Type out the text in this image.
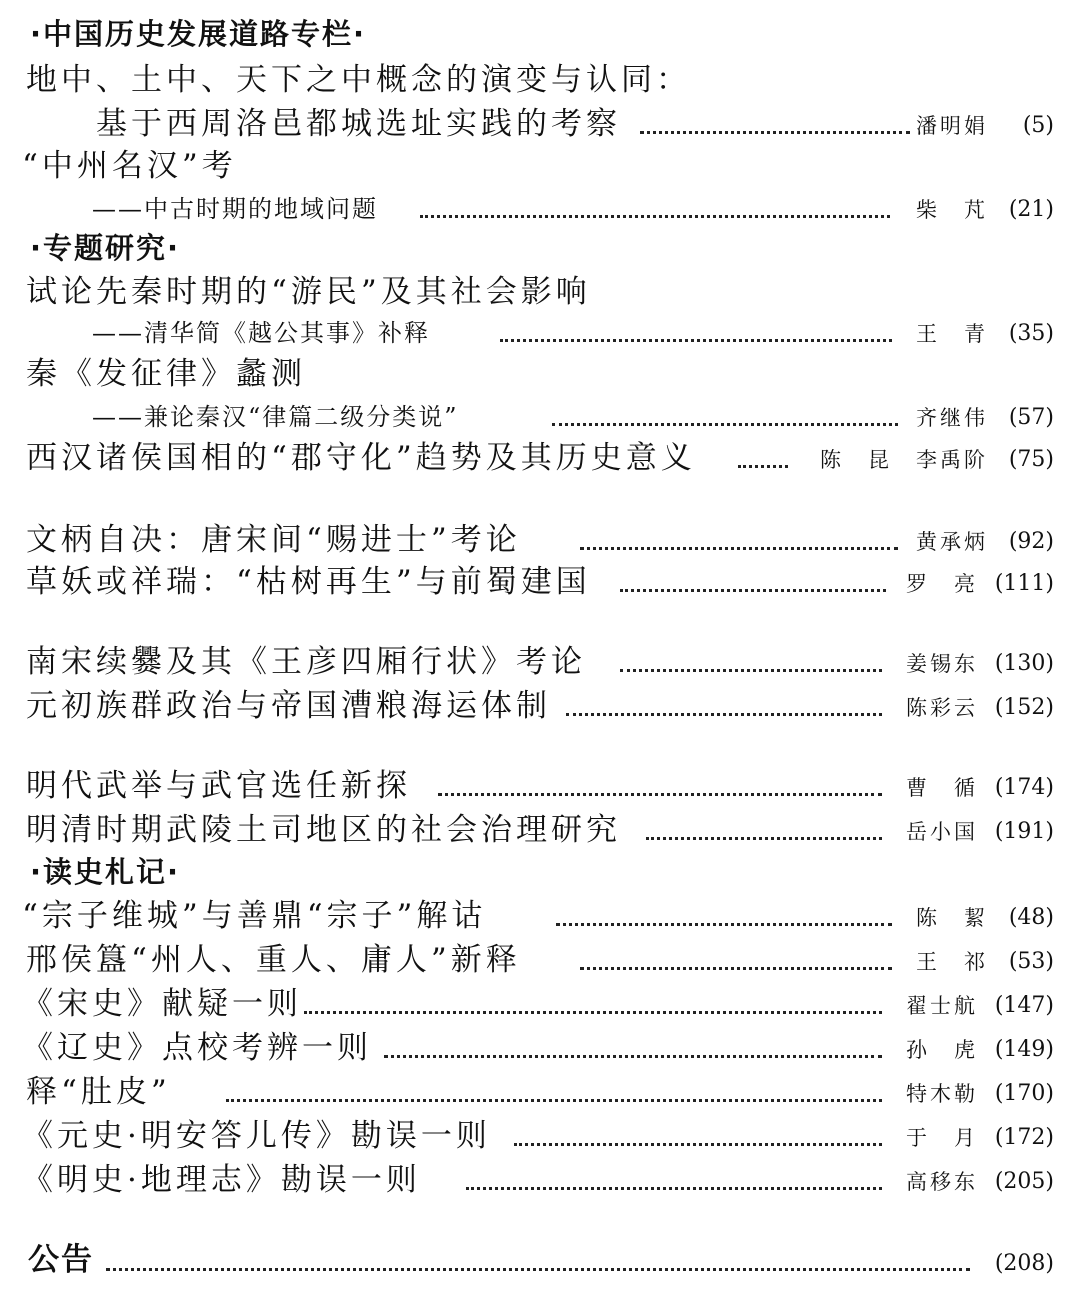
·中国历史发展道路专栏·
地中、土中、天下之中概念的演变与认同：
基于西周洛邑都城选址实践的考察	潘明娟 (5)
“中州名汉”考
——中古时期的地域问题	柴　芃 (21)
·专题研究·
试论先秦时期的“游民”及其社会影响
——清华简《越公其事》补释	王　青 (35)
秦《发征律》蠡测
——兼论秦汉“律篇二级分类说”	齐继伟 (57)
西汉诸侯国相的“郡守化”趋势及其历史意义	陈　昆　李禹阶 (75)
文柄自决：唐宋间“赐进士”考论	黄承炳 (92)
草妖或祥瑞：“枯树再生”与前蜀建国	罗　亮 (111)
南宋续爨及其《王彦四厢行状》考论	姜锡东 (130)
元初族群政治与帝国漕粮海运体制	陈彩云 (152)
明代武举与武官选任新探	曹　循 (174)
明清时期武陵土司地区的社会治理研究	岳小国 (191)
·读史札记·
“宗子维城”与善鼎“宗子”解诂	陈　絜 (48)
邢侯簋“州人、重人、庸人”新释	王　祁 (53)
《宋史》献疑一则	翟士航 (147)
《辽史》点校考辨一则	孙　虎 (149)
释“肚皮”	特木勒 (170)
《元史·明安答儿传》勘误一则	于　月 (172)
《明史·地理志》勘误一则	高移东 (205)
公告	(208)
